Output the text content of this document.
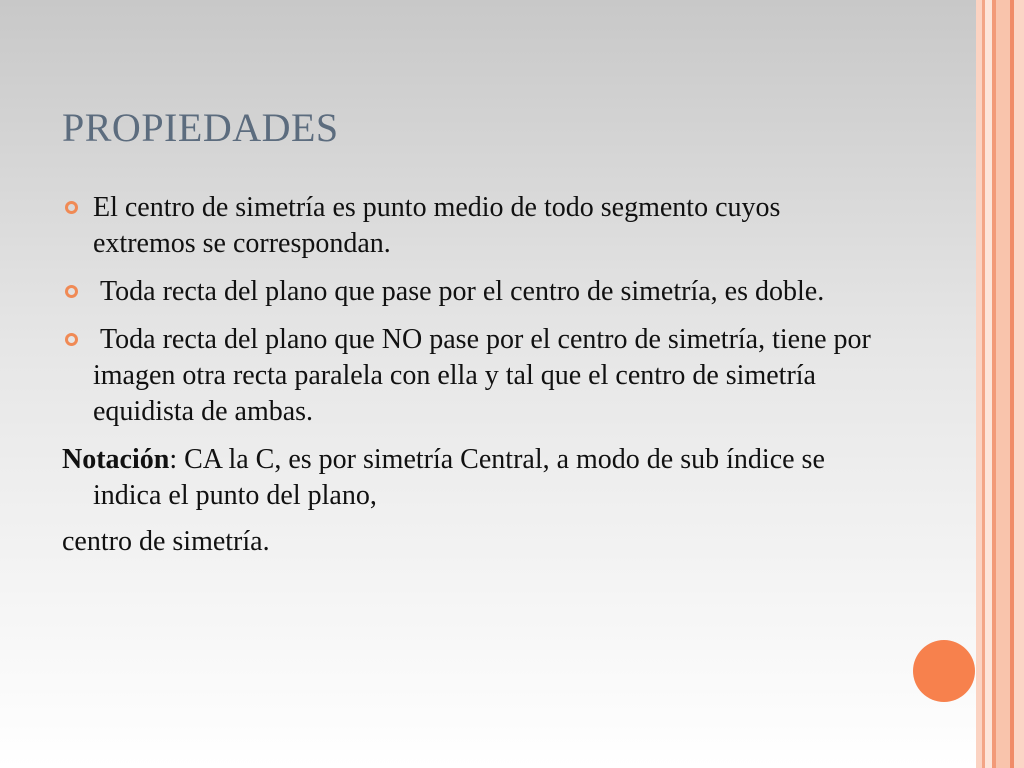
PROPIEDADES
El centro de simetría es punto medio de todo segmento cuyos extremos se correspondan.
Toda recta del plano que pase por el centro de simetría, es doble.
Toda recta del plano que NO pase por el centro de simetría, tiene por imagen otra recta paralela con ella y tal que el centro de simetría equidista de ambas.

Notación: CA la C, es por simetría Central, a modo de sub índice se indica el punto del plano,

centro de simetría.
